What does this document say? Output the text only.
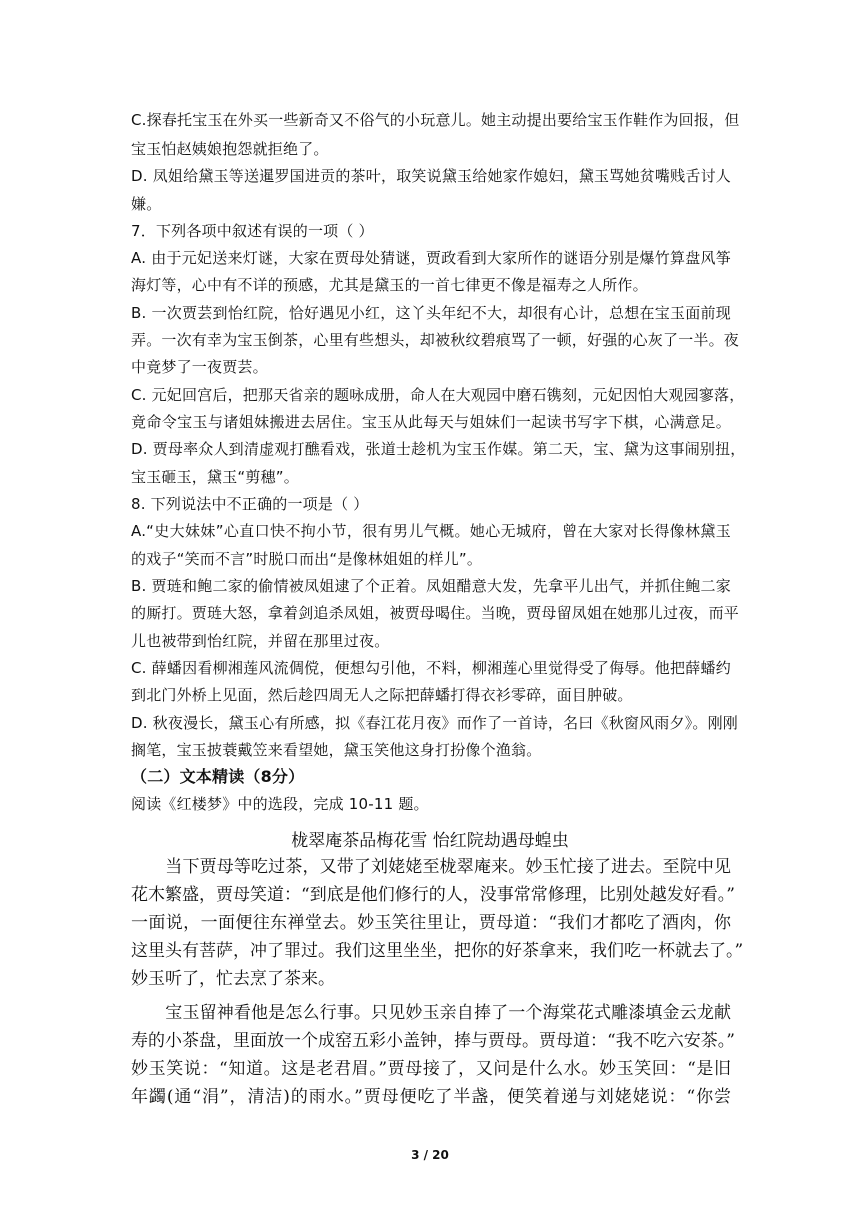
C.探春托宝玉在外买一些新奇又不俗气的小玩意儿。她主动提出要给宝玉作鞋作为回报，但
宝玉怕赵姨娘抱怨就拒绝了。
D. 凤姐给黛玉等送暹罗国进贡的茶叶，取笑说黛玉给她家作媳妇，黛玉骂她贫嘴贱舌讨人
嫌。
7．下列各项中叙述有误的一项（ ）
A. 由于元妃送来灯谜，大家在贾母处猜谜，贾政看到大家所作的谜语分别是爆竹算盘风筝
海灯等，心中有不详的预感，尤其是黛玉的一首七律更不像是福寿之人所作。
B. 一次贾芸到怡红院，恰好遇见小红，这丫头年纪不大，却很有心计，总想在宝玉面前现
弄。一次有幸为宝玉倒茶，心里有些想头，却被秋纹碧痕骂了一顿，好强的心灰了一半。夜
中竟梦了一夜贾芸。
C. 元妃回宫后，把那天省亲的题咏成册，命人在大观园中磨石镌刻，元妃因怕大观园寥落，
竟命令宝玉与诸姐妹搬进去居住。宝玉从此每天与姐妹们一起读书写字下棋，心满意足。
D. 贾母率众人到清虚观打醮看戏，张道士趁机为宝玉作媒。第二天，宝、黛为这事闹别扭，
宝玉砸玉，黛玉“剪穗”。
8. 下列说法中不正确的一项是（ ）
A.“史大妹妹”心直口快不拘小节，很有男儿气概。她心无城府，曾在大家对长得像林黛玉
的戏子“笑而不言”时脱口而出“是像林姐姐的样儿”。
B. 贾琏和鲍二家的偷情被凤姐逮了个正着。凤姐醋意大发，先拿平儿出气，并抓住鲍二家
的厮打。贾琏大怒，拿着剑追杀凤姐，被贾母喝住。当晚，贾母留凤姐在她那儿过夜，而平
儿也被带到怡红院，并留在那里过夜。
C. 薛蟠因看柳湘莲风流倜傥，便想勾引他，不料，柳湘莲心里觉得受了侮辱。他把薛蟠约
到北门外桥上见面，然后趁四周无人之际把薛蟠打得衣衫零碎，面目肿破。
D. 秋夜漫长，黛玉心有所感，拟《春江花月夜》而作了一首诗，名曰《秋窗风雨夕》。刚刚
搁笔，宝玉披蓑戴笠来看望她，黛玉笑他这身打扮像个渔翁。
（二）文本精读（8分）
阅读《红楼梦》中的选段，完成 10-11 题。
栊翠庵茶品梅花雪 怡红院劫遇母蝗虫
　　当下贾母等吃过茶，又带了刘姥姥至栊翠庵来。妙玉忙接了进去。至院中见
花木繁盛，贾母笑道：“到底是他们修行的人，没事常常修理，比别处越发好看。”
一面说，一面便往东禅堂去。妙玉笑往里让，贾母道：“我们才都吃了酒肉，你
这里头有菩萨，冲了罪过。我们这里坐坐，把你的好茶拿来，我们吃一杯就去了。”
妙玉听了，忙去烹了茶来。
　　宝玉留神看他是怎么行事。只见妙玉亲自捧了一个海棠花式雕漆填金云龙献
寿的小茶盘，里面放一个成窑五彩小盖钟，捧与贾母。贾母道：“我不吃六安茶。”
妙玉笑说：“知道。这是老君眉。”贾母接了，又问是什么水。妙玉笑回：“是旧
年蠲(通“涓”，清洁)的雨水。”贾母便吃了半盏，便笑着递与刘姥姥说：“你尝
3 / 20
